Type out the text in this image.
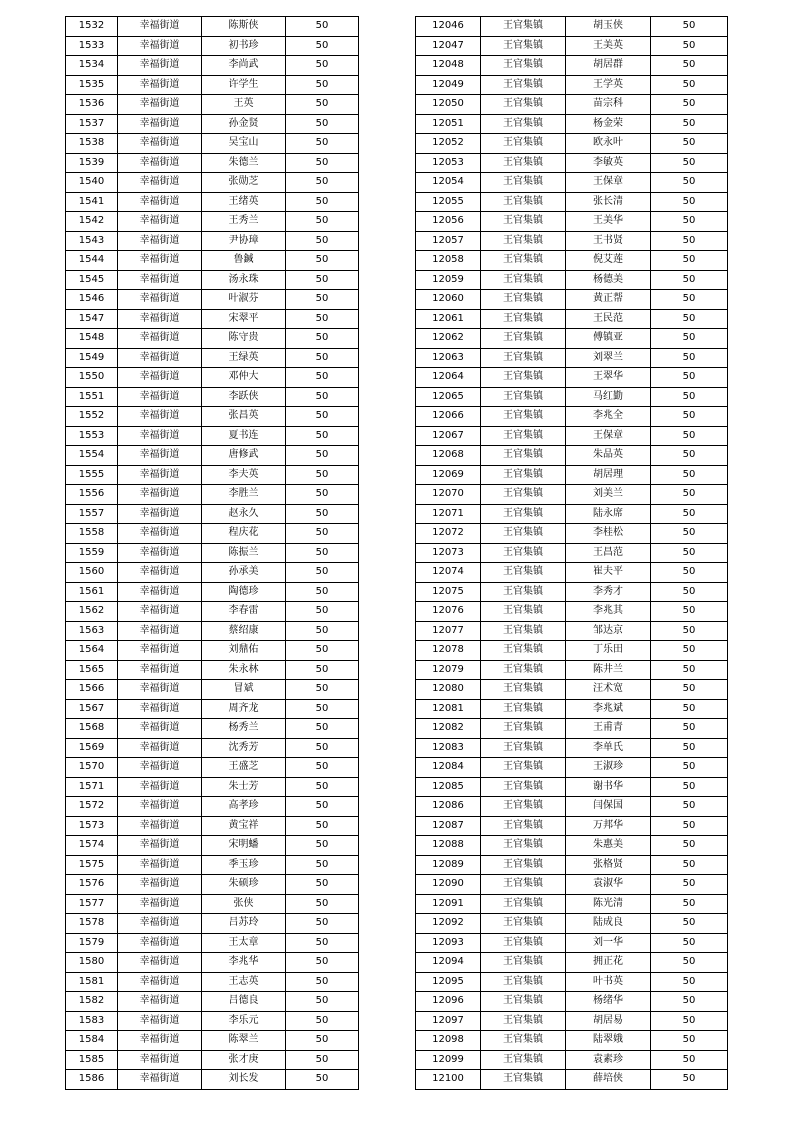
1532	幸福街道	陈斯侠	50
1533	幸福街道	初书珍	50
1534	幸福街道	李尚武	50
1535	幸福街道	许学生	50
1536	幸福街道	王英	50
1537	幸福街道	孙金贤	50
1538	幸福街道	吴宝山	50
1539	幸福街道	朱德兰	50
1540	幸福街道	张勋芝	50
1541	幸福街道	王绪英	50
1542	幸福街道	王秀兰	50
1543	幸福街道	尹协璋	50
1544	幸福街道	鲁鍼	50
1545	幸福街道	汤永珠	50
1546	幸福街道	叶淑芬	50
1547	幸福街道	宋翠平	50
1548	幸福街道	陈守贵	50
1549	幸福街道	王绿英	50
1550	幸福街道	邓仲大	50
1551	幸福街道	李跃侠	50
1552	幸福街道	张昌英	50
1553	幸福街道	夏书连	50
1554	幸福街道	唐修武	50
1555	幸福街道	李夫英	50
1556	幸福街道	李胜兰	50
1557	幸福街道	赵永久	50
1558	幸福街道	程庆花	50
1559	幸福街道	陈振兰	50
1560	幸福街道	孙承美	50
1561	幸福街道	陶德珍	50
1562	幸福街道	李春雷	50
1563	幸福街道	蔡绍康	50
1564	幸福街道	刘鼎佑	50
1565	幸福街道	朱永林	50
1566	幸福街道	冒斌	50
1567	幸福街道	周齐龙	50
1568	幸福街道	杨秀兰	50
1569	幸福街道	沈秀芳	50
1570	幸福街道	王盛芝	50
1571	幸福街道	朱士芳	50
1572	幸福街道	高孝珍	50
1573	幸福街道	黄宝祥	50
1574	幸福街道	宋明蟠	50
1575	幸福街道	季玉珍	50
1576	幸福街道	朱硕珍	50
1577	幸福街道	张侠	50
1578	幸福街道	吕苏玲	50
1579	幸福街道	王太章	50
1580	幸福街道	李兆华	50
1581	幸福街道	王志英	50
1582	幸福街道	吕德良	50
1583	幸福街道	李乐元	50
1584	幸福街道	陈翠兰	50
1585	幸福街道	张才庚	50
1586	幸福街道	刘长发	50
12046	王官集镇	胡玉侠	50
12047	王官集镇	王美英	50
12048	王官集镇	胡居群	50
12049	王官集镇	王学英	50
12050	王官集镇	苗宗科	50
12051	王官集镇	杨金荣	50
12052	王官集镇	欧永叶	50
12053	王官集镇	李敏英	50
12054	王官集镇	王保章	50
12055	王官集镇	张长清	50
12056	王官集镇	王美华	50
12057	王官集镇	王书贤	50
12058	王官集镇	倪艾莲	50
12059	王官集镇	杨德美	50
12060	王官集镇	黄正帮	50
12061	王官集镇	王民范	50
12062	王官集镇	傅镇亚	50
12063	王官集镇	刘翠兰	50
12064	王官集镇	王翠华	50
12065	王官集镇	马红勤	50
12066	王官集镇	李兆全	50
12067	王官集镇	王保章	50
12068	王官集镇	朱品英	50
12069	王官集镇	胡居理	50
12070	王官集镇	刘美兰	50
12071	王官集镇	陆永席	50
12072	王官集镇	李桂松	50
12073	王官集镇	王昌范	50
12074	王官集镇	崔夫平	50
12075	王官集镇	李秀才	50
12076	王官集镇	李兆其	50
12077	王官集镇	邹达京	50
12078	王官集镇	丁乐田	50
12079	王官集镇	陈井兰	50
12080	王官集镇	汪术宽	50
12081	王官集镇	李兆斌	50
12082	王官集镇	王甫青	50
12083	王官集镇	李单氏	50
12084	王官集镇	王淑珍	50
12085	王官集镇	谢书华	50
12086	王官集镇	闫保国	50
12087	王官集镇	万邦华	50
12088	王官集镇	朱惠美	50
12089	王官集镇	张格贤	50
12090	王官集镇	袁淑华	50
12091	王官集镇	陈光清	50
12092	王官集镇	陆成良	50
12093	王官集镇	刘一华	50
12094	王官集镇	拥正花	50
12095	王官集镇	叶书英	50
12096	王官集镇	杨绪华	50
12097	王官集镇	胡居易	50
12098	王官集镇	陆翠娥	50
12099	王官集镇	袁素珍	50
12100	王官集镇	薛培侠	50
